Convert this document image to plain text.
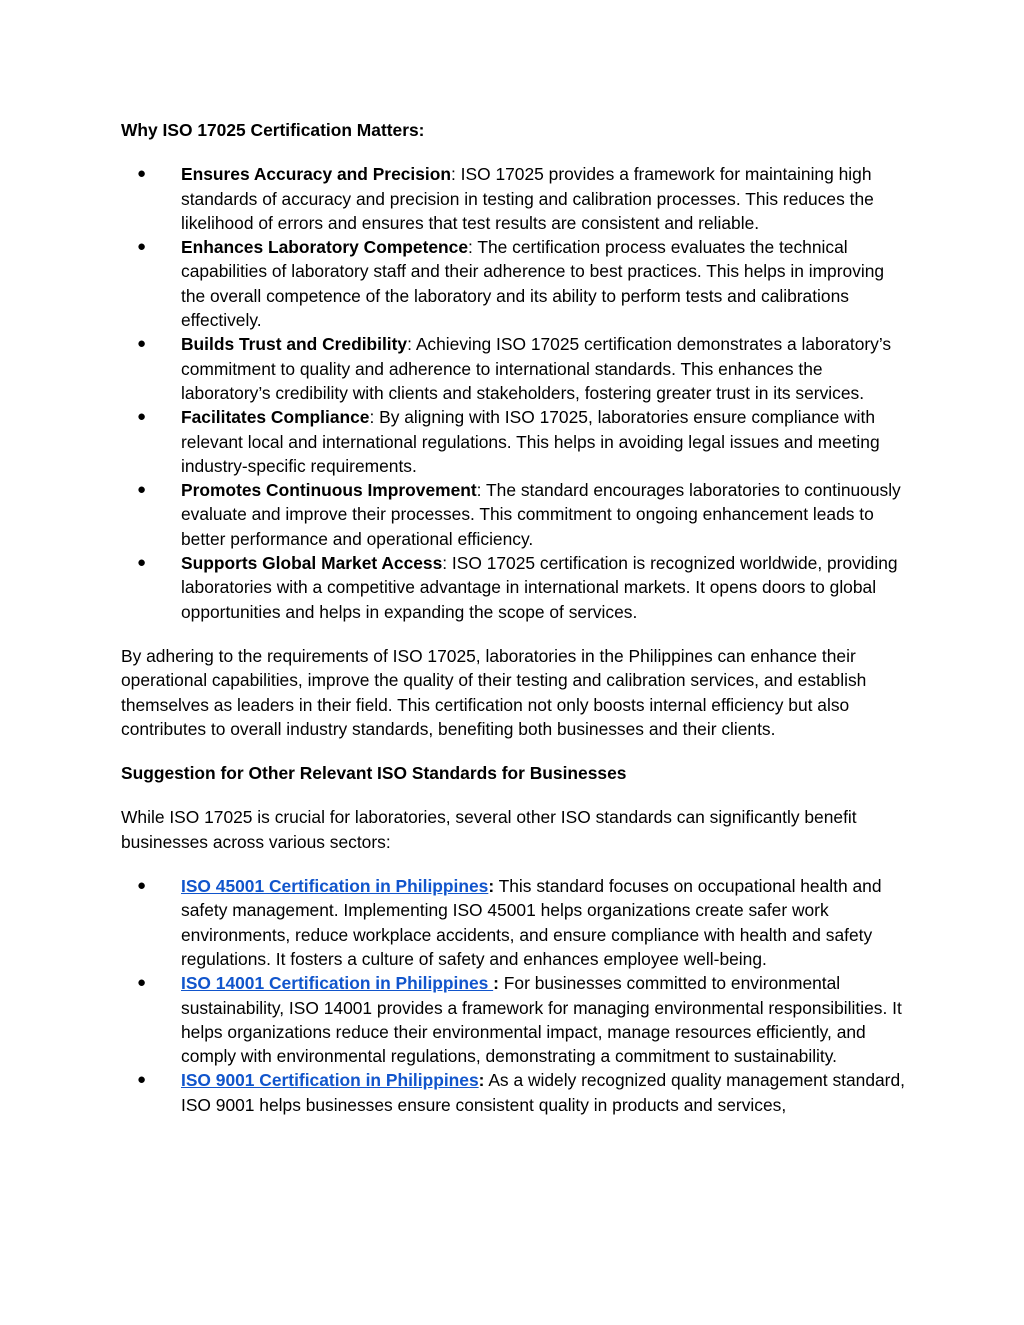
Why ISO 17025 Certification Matters:

● Ensures Accuracy and Precision: ISO 17025 provides a framework for maintaining high standards of accuracy and precision in testing and calibration processes. This reduces the likelihood of errors and ensures that test results are consistent and reliable.
● Enhances Laboratory Competence: The certification process evaluates the technical capabilities of laboratory staff and their adherence to best practices. This helps in improving the overall competence of the laboratory and its ability to perform tests and calibrations effectively.
● Builds Trust and Credibility: Achieving ISO 17025 certification demonstrates a laboratory’s commitment to quality and adherence to international standards. This enhances the laboratory’s credibility with clients and stakeholders, fostering greater trust in its services.
● Facilitates Compliance: By aligning with ISO 17025, laboratories ensure compliance with relevant local and international regulations. This helps in avoiding legal issues and meeting industry-specific requirements.
● Promotes Continuous Improvement: The standard encourages laboratories to continuously evaluate and improve their processes. This commitment to ongoing enhancement leads to better performance and operational efficiency.
● Supports Global Market Access: ISO 17025 certification is recognized worldwide, providing laboratories with a competitive advantage in international markets. It opens doors to global opportunities and helps in expanding the scope of services.

By adhering to the requirements of ISO 17025, laboratories in the Philippines can enhance their operational capabilities, improve the quality of their testing and calibration services, and establish themselves as leaders in their field. This certification not only boosts internal efficiency but also contributes to overall industry standards, benefiting both businesses and their clients.

Suggestion for Other Relevant ISO Standards for Businesses

While ISO 17025 is crucial for laboratories, several other ISO standards can significantly benefit businesses across various sectors:

● ISO 45001 Certification in Philippines: This standard focuses on occupational health and safety management. Implementing ISO 45001 helps organizations create safer work environments, reduce workplace accidents, and ensure compliance with health and safety regulations. It fosters a culture of safety and enhances employee well-being.
● ISO 14001 Certification in Philippines : For businesses committed to environmental sustainability, ISO 14001 provides a framework for managing environmental responsibilities. It helps organizations reduce their environmental impact, manage resources efficiently, and comply with environmental regulations, demonstrating a commitment to sustainability.
● ISO 9001 Certification in Philippines: As a widely recognized quality management standard, ISO 9001 helps businesses ensure consistent quality in products and services,
